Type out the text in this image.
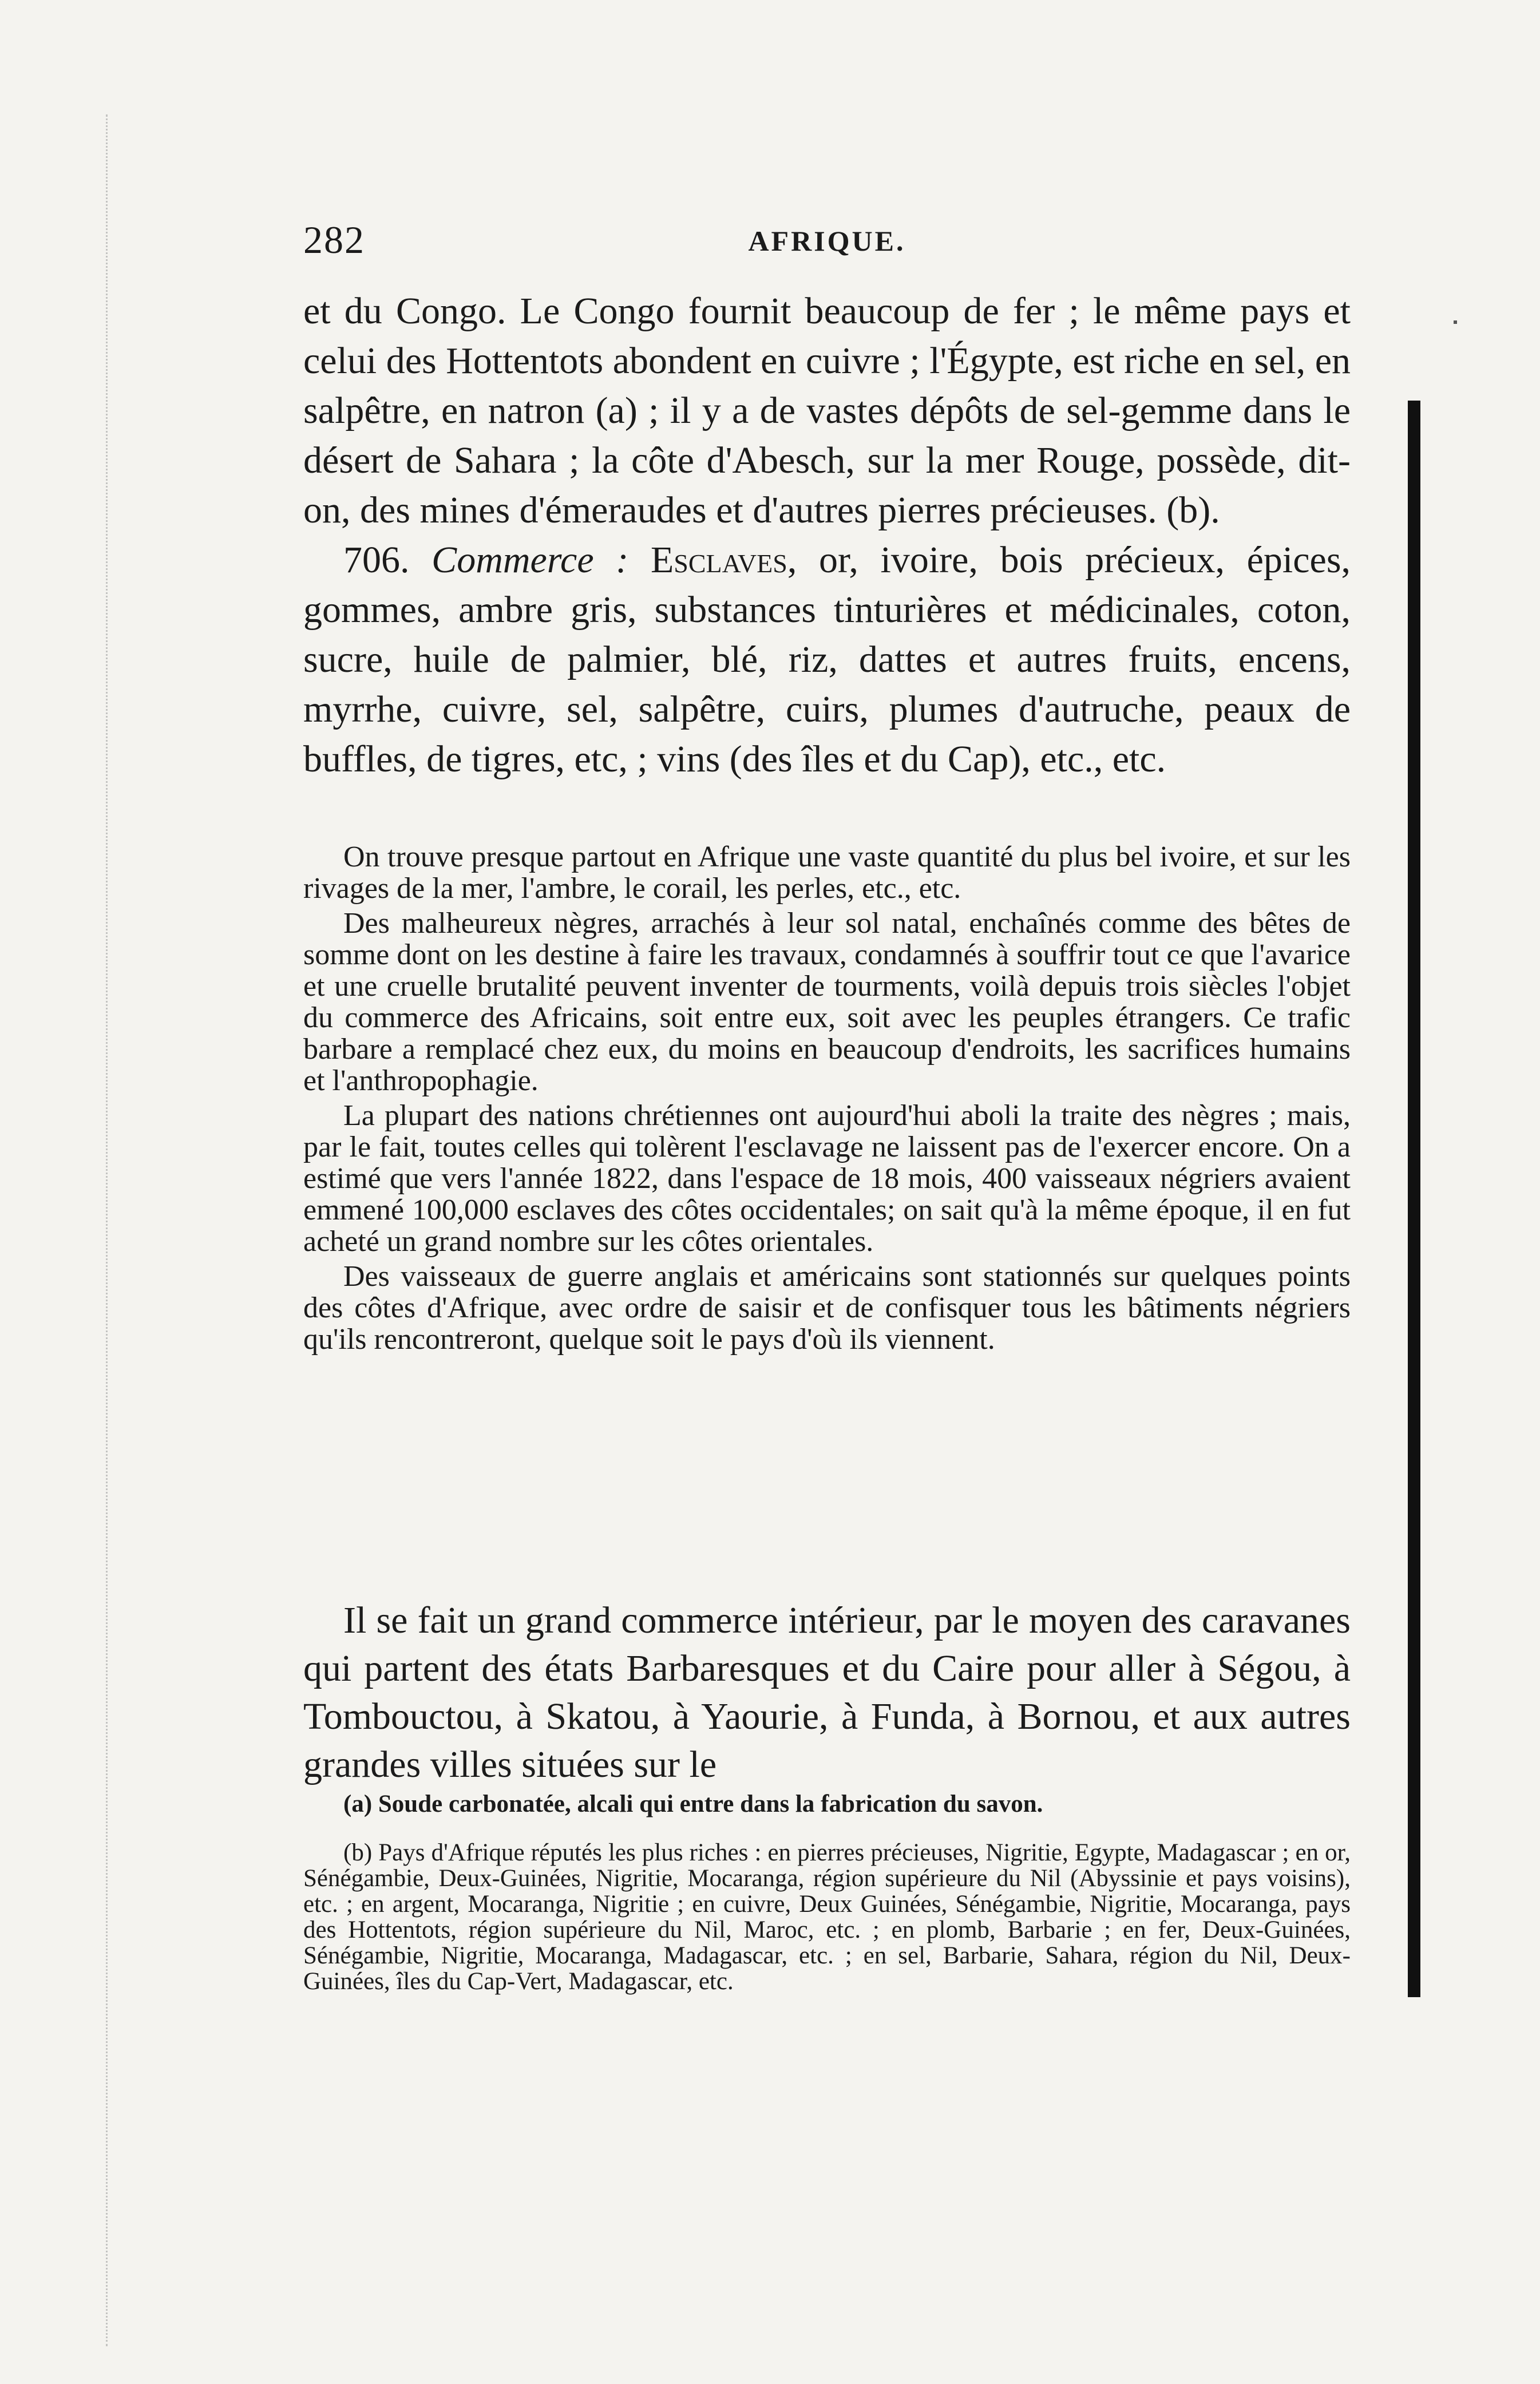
282	AFRIQUE.

et du Congo. Le Congo fournit beaucoup de fer ; le même pays et celui des Hottentots abondent en cuivre ; l'Égypte, est riche en sel, en salpêtre, en natron (a) ; il y a de vastes dépôts de sel-gemme dans le désert de Sahara ; la côte d'Abesch, sur la mer Rouge, possède, dit-on, des mines d'émeraudes et d'autres pierres précieuses. (b).

706. Commerce : Esclaves, or, ivoire, bois précieux, épices, gommes, ambre gris, substances tinturières et médicinales, coton, sucre, huile de palmier, blé, riz, dattes et autres fruits, encens, myrrhe, cuivre, sel, salpêtre, cuirs, plumes d'autruche, peaux de buffles, de tigres, etc, ; vins (des îles et du Cap), etc., etc.

On trouve presque partout en Afrique une vaste quantité du plus bel ivoire, et sur les rivages de la mer, l'ambre, le corail, les perles, etc., etc.

Des malheureux nègres, arrachés à leur sol natal, enchaînés comme des bêtes de somme dont on les destine à faire les travaux, condamnés à souffrir tout ce que l'avarice et une cruelle brutalité peuvent inventer de tourments, voilà depuis trois siècles l'objet du commerce des Africains, soit entre eux, soit avec les peuples étrangers. Ce trafic barbare a remplacé chez eux, du moins en beaucoup d'endroits, les sacrifices humains et l'anthropophagie.

La plupart des nations chrétiennes ont aujourd'hui aboli la traite des nègres ; mais, par le fait, toutes celles qui tolèrent l'esclavage ne laissent pas de l'exercer encore. On a estimé que vers l'année 1822, dans l'espace de 18 mois, 400 vaisseaux négriers avaient emmené 100,000 esclaves des côtes occidentales; on sait qu'à la même époque, il en fut acheté un grand nombre sur les côtes orientales.

Des vaisseaux de guerre anglais et américains sont stationnés sur quelques points des côtes d'Afrique, avec ordre de saisir et de confisquer tous les bâtiments négriers qu'ils rencontreront, quelque soit le pays d'où ils viennent.

Il se fait un grand commerce intérieur, par le moyen des caravanes qui partent des états Barbaresques et du Caire pour aller à Ségou, à Tombouctou, à Skatou, à Yaourie, à Funda, à Bornou, et aux autres grandes villes situées sur le

(a) Soude carbonatée, alcali qui entre dans la fabrication du savon.

(b) Pays d'Afrique réputés les plus riches : en pierres précieuses, Nigritie, Egypte, Madagascar ; en or, Sénégambie, Deux-Guinées, Nigritie, Mocaranga, région supérieure du Nil (Abyssinie et pays voisins), etc. ; en argent, Mocaranga, Nigritie ; en cuivre, Deux Guinées, Sénégambie, Nigritie, Mocaranga, pays des Hottentots, région supérieure du Nil, Maroc, etc. ; en plomb, Barbarie ; en fer, Deux-Guinées, Sénégambie, Nigritie, Mocaranga, Madagascar, etc. ; en sel, Barbarie, Sahara, région du Nil, Deux-Guinées, îles du Cap-Vert, Madagascar, etc.
